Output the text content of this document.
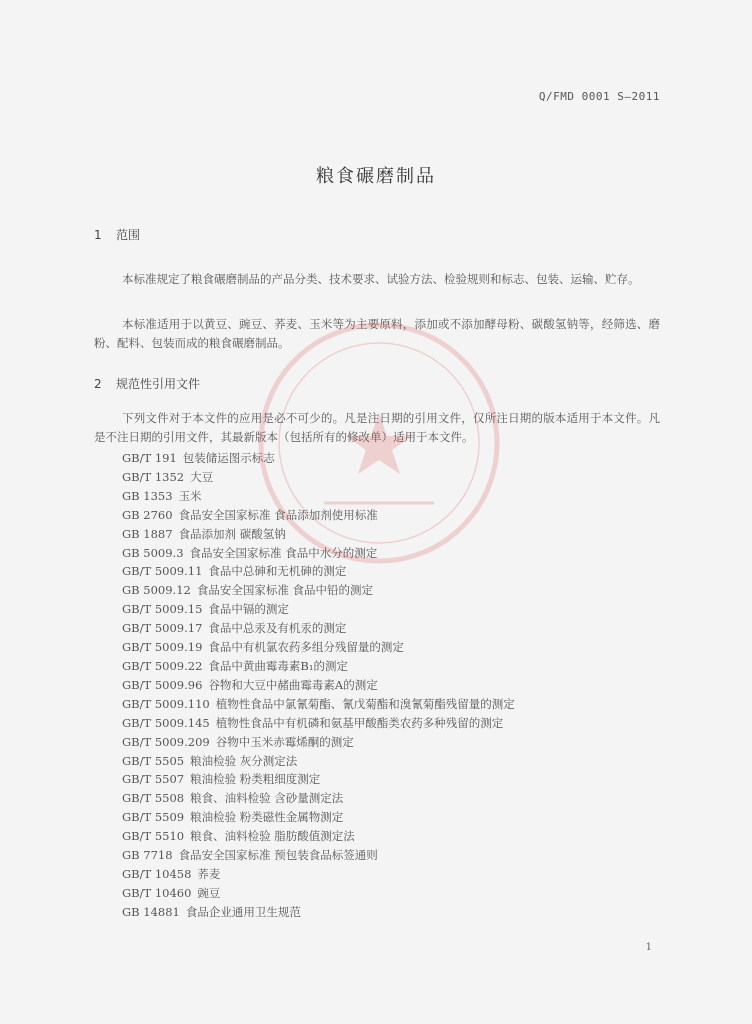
Q/FMD 0001 S—2011
粮食碾磨制品
1 范围
本标准规定了粮食碾磨制品的产品分类、技术要求、试验方法、检验规则和标志、包装、运输、贮存。
本标准适用于以黄豆、豌豆、荞麦、玉米等为主要原料，添加或不添加酵母粉、碳酸氢钠等，经筛选、磨粉、配料、包装而成的粮食碾磨制品。
2 规范性引用文件
下列文件对于本文件的应用是必不可少的。凡是注日期的引用文件，仅所注日期的版本适用于本文件。凡是不注日期的引用文件，其最新版本（包括所有的修改单）适用于本文件。
GB/T 191 包装储运图示标志
GB/T 1352 大豆
GB 1353 玉米
GB 2760 食品安全国家标准 食品添加剂使用标准
GB 1887 食品添加剂 碳酸氢钠
GB 5009.3 食品安全国家标准 食品中水分的测定
GB/T 5009.11 食品中总砷和无机砷的测定
GB 5009.12 食品安全国家标准 食品中铅的测定
GB/T 5009.15 食品中镉的测定
GB/T 5009.17 食品中总汞及有机汞的测定
GB/T 5009.19 食品中有机氯农药多组分残留量的测定
GB/T 5009.22 食品中黄曲霉毒素B₁的测定
GB/T 5009.96 谷物和大豆中赭曲霉毒素A的测定
GB/T 5009.110 植物性食品中氯氰菊酯、氰戊菊酯和溴氰菊酯残留量的测定
GB/T 5009.145 植物性食品中有机磷和氨基甲酸酯类农药多种残留的测定
GB/T 5009.209 谷物中玉米赤霉烯酮的测定
GB/T 5505 粮油检验 灰分测定法
GB/T 5507 粮油检验 粉类粗细度测定
GB/T 5508 粮食、油料检验 含砂量测定法
GB/T 5509 粮油检验 粉类磁性金属物测定
GB/T 5510 粮食、油料检验 脂肪酸值测定法
GB 7718 食品安全国家标准 预包装食品标签通则
GB/T 10458 荞麦
GB/T 10460 豌豆
GB 14881 食品企业通用卫生规范
1
